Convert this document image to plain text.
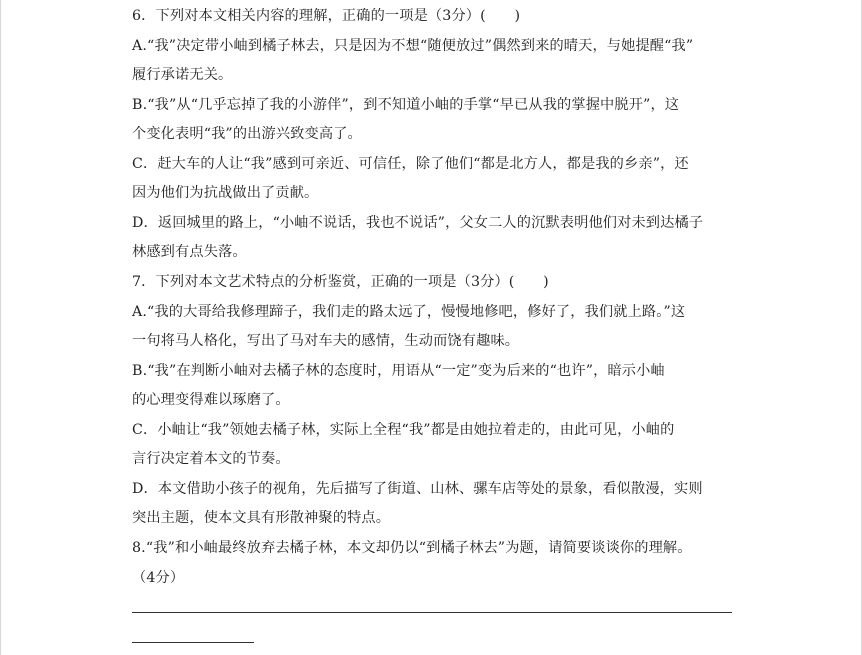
6．下列对本文相关内容的理解，正确的一项是（3分）(　　)
A.“我”决定带小岫到橘子林去，只是因为不想“随便放过”偶然到来的晴天，与她提醒“我”
履行承诺无关。
B.“我”从“几乎忘掉了我的小游伴”，到不知道小岫的手掌“早已从我的掌握中脱开”，这
个变化表明“我”的出游兴致变高了。
C．赶大车的人让“我”感到可亲近、可信任，除了他们“都是北方人，都是我的乡亲”，还
因为他们为抗战做出了贡献。
D．返回城里的路上，“小岫不说话，我也不说话”，父女二人的沉默表明他们对未到达橘子
林感到有点失落。
7．下列对本文艺术特点的分析鉴赏，正确的一项是（3分）(　　)
A.“我的大哥给我修理蹄子，我们走的路太远了，慢慢地修吧，修好了，我们就上路。”这
一句将马人格化，写出了马对车夫的感情，生动而饶有趣味。
B.“我”在判断小岫对去橘子林的态度时，用语从“一定”变为后来的“也许”，暗示小岫
的心理变得难以琢磨了。
C．小岫让“我”领她去橘子林，实际上全程“我”都是由她拉着走的，由此可见，小岫的
言行决定着本文的节奏。
D．本文借助小孩子的视角，先后描写了街道、山林、骡车店等处的景象，看似散漫，实则
突出主题，使本文具有形散神聚的特点。
8.“我”和小岫最终放弃去橘子林，本文却仍以“到橘子林去”为题，请简要谈谈你的理解。
（4分）
